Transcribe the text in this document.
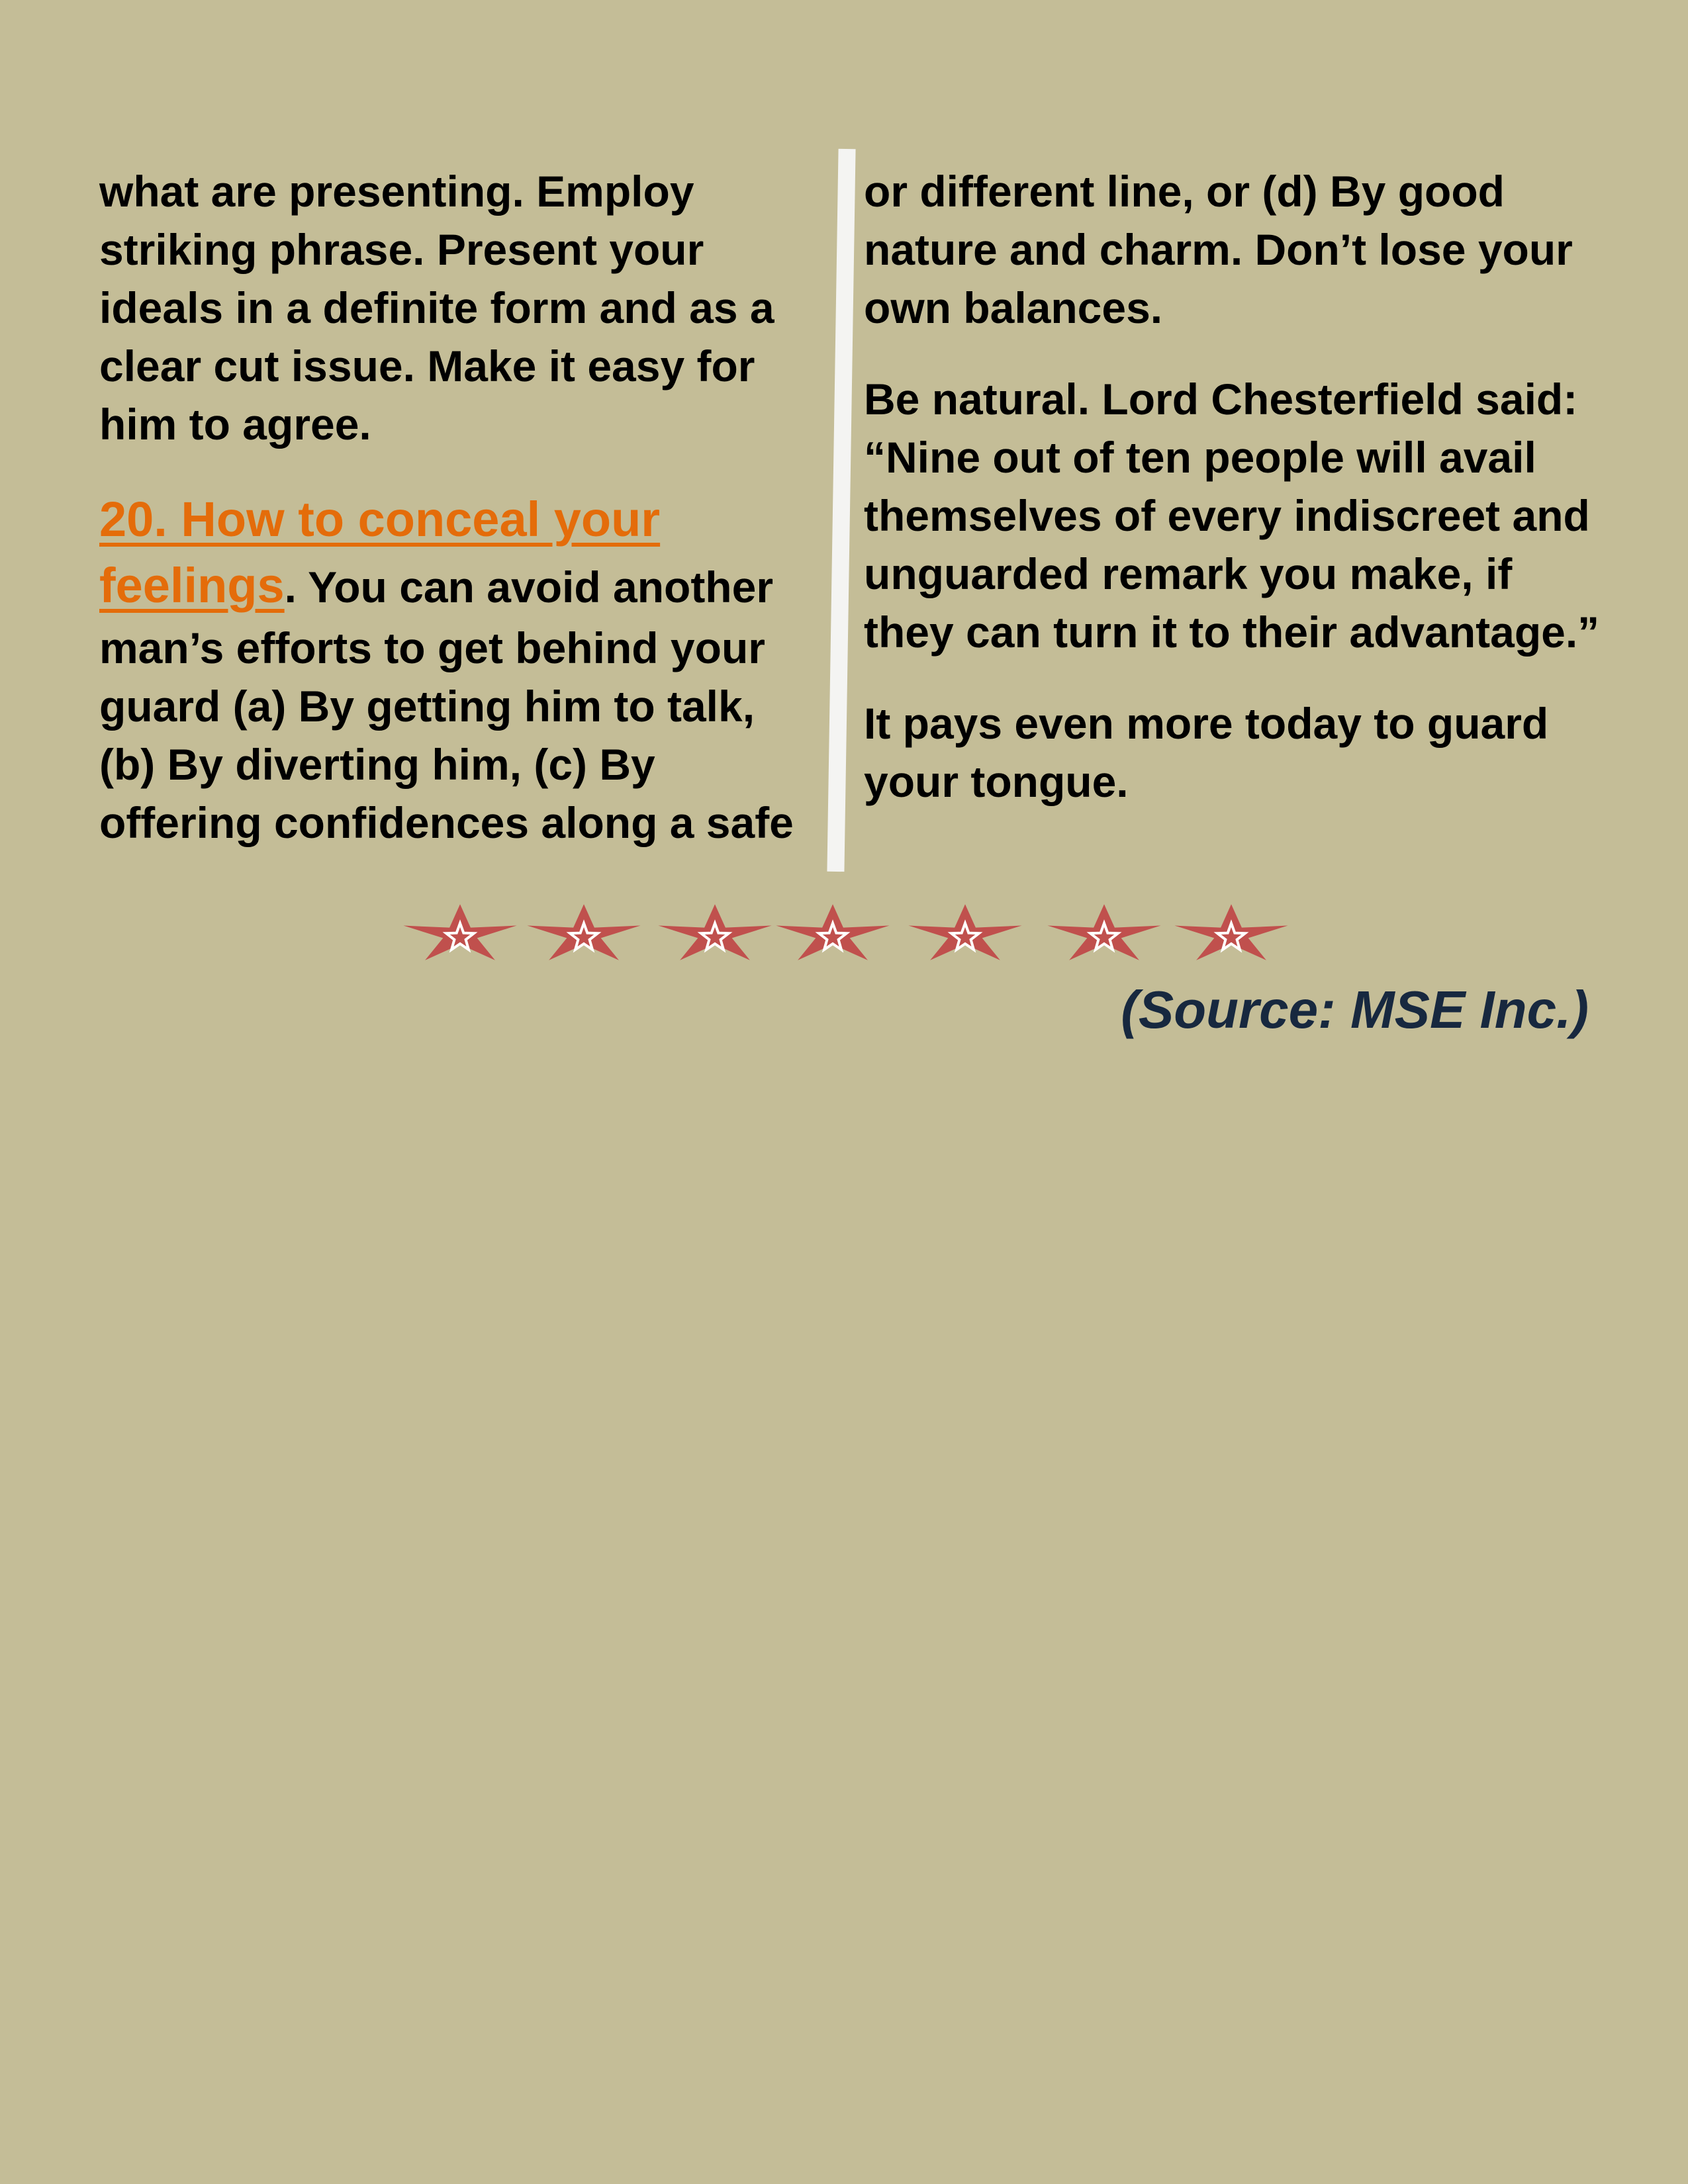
what are presenting. Employ striking phrase. Present your ideals in a definite form and as a clear cut issue. Make it easy for him to agree.

20. How to conceal your
feelings. You can avoid another man’s efforts to get behind your guard (a) By getting him to talk, (b) By diverting him, (c) By offering confidences along a safe

or different line, or (d) By good nature and charm. Don’t lose your own balances.

Be natural. Lord Chesterfield said: “Nine out of ten people will avail themselves of every indiscreet and unguarded remark you make, if they can turn it to their advantage.”

It pays even more today to guard your tongue.

(Source: MSE Inc.)
